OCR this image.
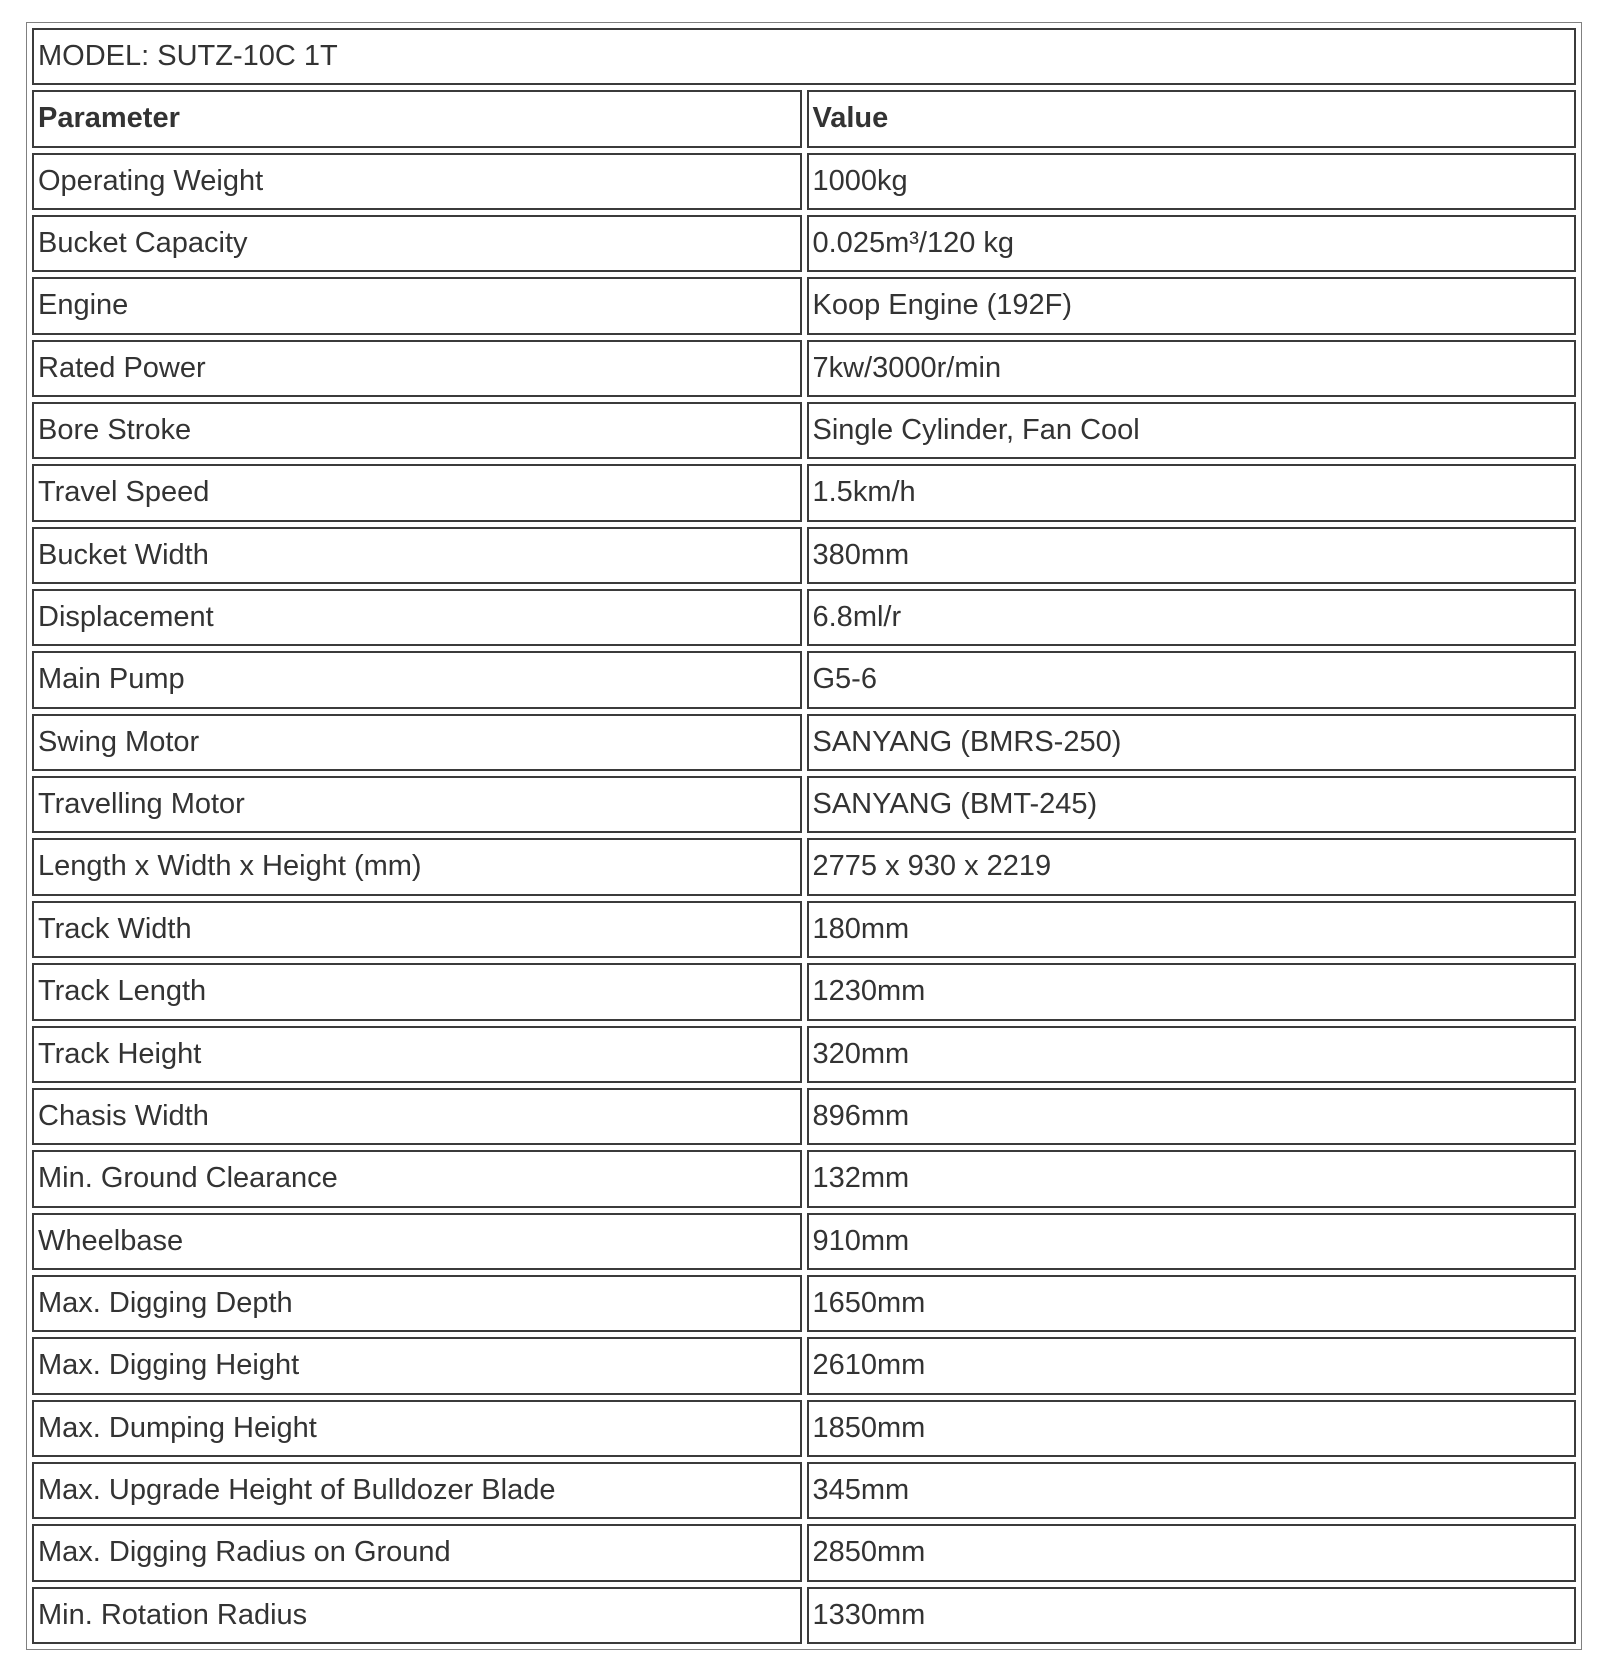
MODEL: SUTZ-10C 1T	
Parameter	Value
Operating Weight	1000kg
Bucket Capacity	0.025m³/120 kg
Engine	Koop Engine (192F)
Rated Power	7kw/3000r/min
Bore Stroke	Single Cylinder, Fan Cool
Travel Speed	1.5km/h
Bucket Width	380mm
Displacement	6.8ml/r
Main Pump	G5-6
Swing Motor	SANYANG (BMRS-250)
Travelling Motor	SANYANG (BMT-245)
Length x Width x Height (mm)	2775 x 930 x 2219
Track Width	180mm
Track Length	1230mm
Track Height	320mm
Chasis Width	896mm
Min. Ground Clearance	132mm
Wheelbase	910mm
Max. Digging Depth	1650mm
Max. Digging Height	2610mm
Max. Dumping Height	1850mm
Max. Upgrade Height of Bulldozer Blade	345mm
Max. Digging Radius on Ground	2850mm
Min. Rotation Radius	1330mm
